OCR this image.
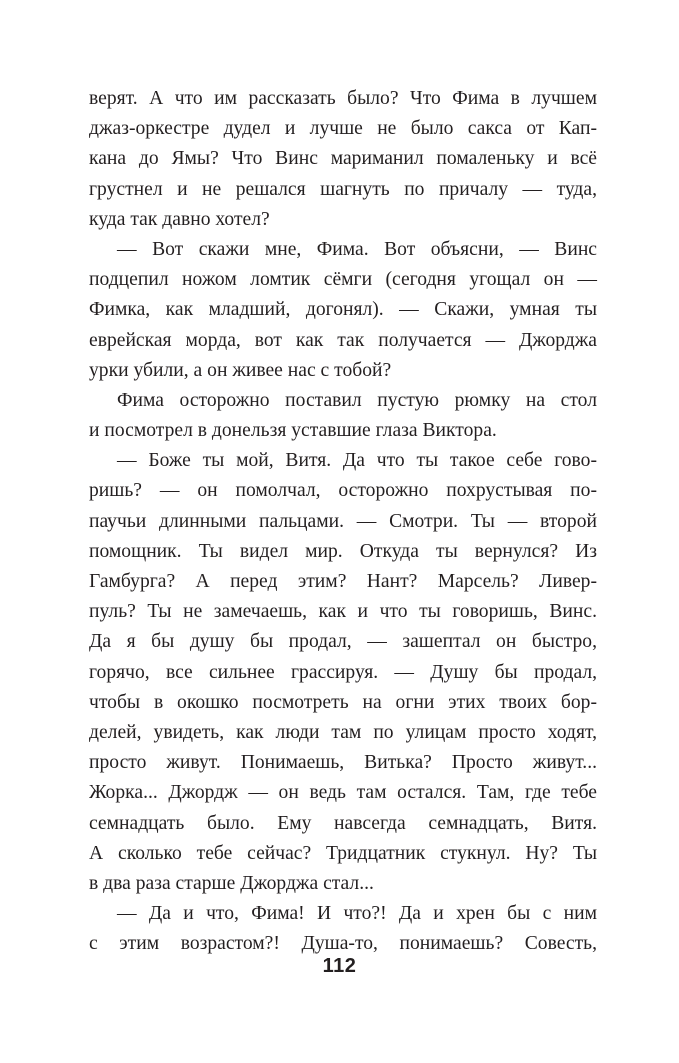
верят. А что им рассказать было? Что Фима в лучшем
джаз-оркестре дудел и лучше не было сакса от Кап-
кана до Ямы? Что Винс мариманил помаленьку и всё
грустнел и не решался шагнуть по причалу — туда,
куда так давно хотел?
— Вот скажи мне, Фима. Вот объясни, — Винс
подцепил ножом ломтик сёмги (сегодня угощал он —
Фимка, как младший, догонял). — Скажи, умная ты
еврейская морда, вот как так получается — Джорджа
урки убили, а он живее нас с тобой?
Фима осторожно поставил пустую рюмку на стол
и посмотрел в донельзя уставшие глаза Виктора.
— Боже ты мой, Витя. Да что ты такое себе гово-
ришь? — он помолчал, осторожно похрустывая по-
паучьи длинными пальцами. — Смотри. Ты — второй
помощник. Ты видел мир. Откуда ты вернулся? Из
Гамбурга? А перед этим? Нант? Марсель? Ливер-
пуль? Ты не замечаешь, как и что ты говоришь, Винс.
Да я бы душу бы продал, — зашептал он быстро,
горячо, все сильнее грассируя. — Душу бы продал,
чтобы в окошко посмотреть на огни этих твоих бор-
делей, увидеть, как люди там по улицам просто ходят,
просто живут. Понимаешь, Витька? Просто живут...
Жорка... Джордж — он ведь там остался. Там, где тебе
семнадцать было. Ему навсегда семнадцать, Витя.
А сколько тебе сейчас? Тридцатник стукнул. Ну? Ты
в два раза старше Джорджа стал...
— Да и что, Фима! И что?! Да и хрен бы с ним
с этим возрастом?! Душа-то, понимаешь? Совесть,
112
